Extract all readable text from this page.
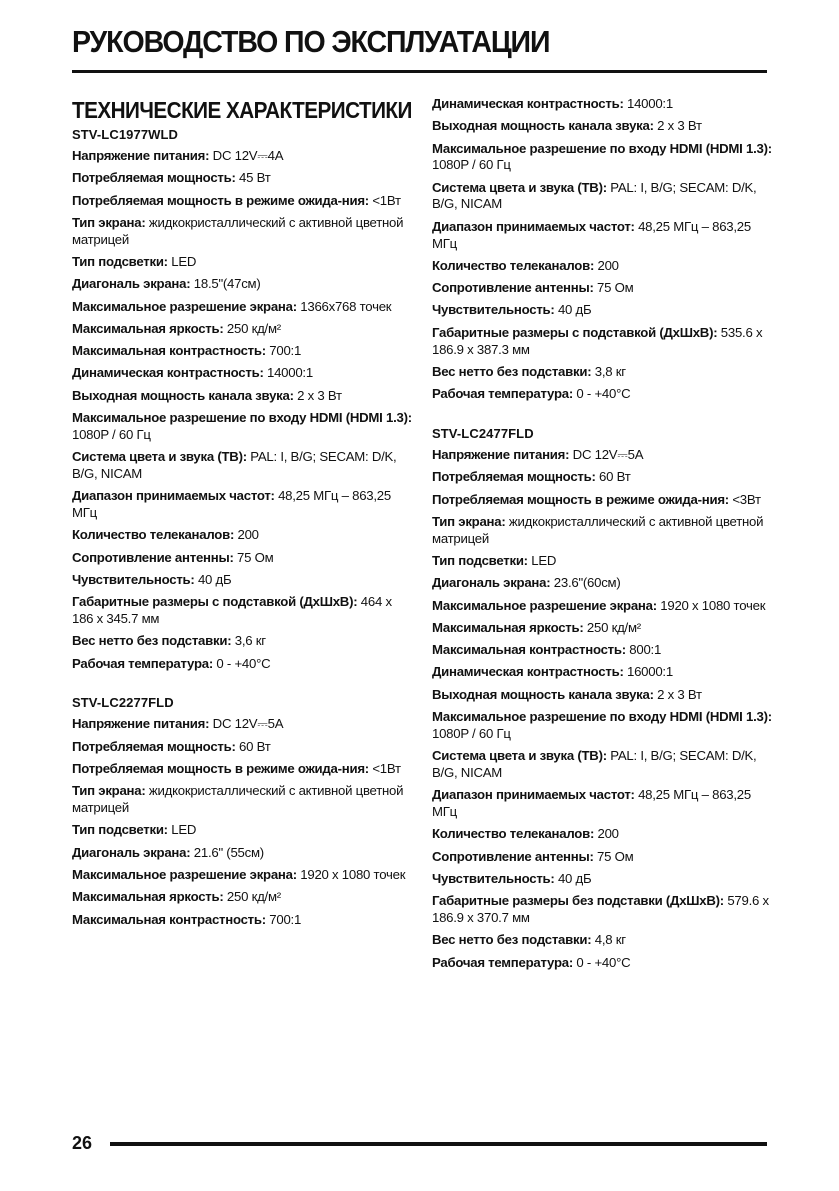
РУКОВОДСТВО ПО ЭКСПЛУАТАЦИИ
ТЕХНИЧЕСКИЕ ХАРАКТЕРИСТИКИ
STV-LC1977WLD
Напряжение питания: DC 12V⎓4A
Потребляемая мощность: 45 Вт
Потребляемая мощность в режиме ожида-ния: <1Вт
Тип экрана: жидкокристаллический с активной цветной матрицей
Тип подсветки: LED
Диагональ экрана: 18.5"(47см)
Максимальное разрешение экрана: 1366x768 точек
Максимальная яркость: 250 кд/м²
Максимальная контрастность: 700:1
Динамическая контрастность: 14000:1
Выходная мощность канала звука: 2 х 3 Вт
Максимальное разрешение по входу HDMI (HDMI 1.3): 1080P / 60 Гц
Система цвета и звука (ТВ): PAL: I, B/G; SECAM: D/K, B/G, NICAM
Диапазон принимаемых частот: 48,25 МГц – 863,25 МГц
Количество телеканалов: 200
Сопротивление антенны: 75 Ом
Чувствительность: 40 дБ
Габаритные размеры с подставкой (ДхШхВ): 464 x 186 x 345.7 мм
Вес нетто без подставки: 3,6 кг
Рабочая температура: 0 - +40°С
STV-LC2277FLD
Напряжение питания: DC 12V⎓5A
Потребляемая мощность: 60 Вт
Потребляемая мощность в режиме ожида-ния: <1Вт
Тип экрана: жидкокристаллический с активной цветной матрицей
Тип подсветки: LED
Диагональ экрана: 21.6" (55см)
Максимальное разрешение экрана: 1920 x 1080 точек
Максимальная яркость: 250 кд/м²
Максимальная контрастность: 700:1
Динамическая контрастность: 14000:1
Выходная мощность канала звука: 2 х 3 Вт
Максимальное разрешение по входу HDMI (HDMI 1.3): 1080P / 60 Гц
Система цвета и звука (ТВ): PAL: I, B/G; SECAM: D/K, B/G, NICAM
Диапазон принимаемых частот: 48,25 МГц – 863,25 МГц
Количество телеканалов: 200
Сопротивление антенны: 75 Ом
Чувствительность: 40 дБ
Габаритные размеры с подставкой (ДхШхВ): 535.6 x 186.9 x 387.3 мм
Вес нетто без подставки: 3,8 кг
Рабочая температура: 0 - +40°С
STV-LC2477FLD
Напряжение питания: DC 12V⎓5A
Потребляемая мощность: 60 Вт
Потребляемая мощность в режиме ожида-ния: <3Вт
Тип экрана: жидкокристаллический с активной цветной матрицей
Тип подсветки: LED
Диагональ экрана: 23.6"(60см)
Максимальное разрешение экрана: 1920 x 1080 точек
Максимальная яркость: 250 кд/м²
Максимальная контрастность: 800:1
Динамическая контрастность: 16000:1
Выходная мощность канала звука: 2 х 3 Вт
Максимальное разрешение по входу HDMI (HDMI 1.3): 1080P / 60 Гц
Система цвета и звука (ТВ): PAL: I, B/G; SECAM: D/K, B/G, NICAM
Диапазон принимаемых частот: 48,25 МГц – 863,25 МГц
Количество телеканалов: 200
Сопротивление антенны: 75 Ом
Чувствительность: 40 дБ
Габаритные размеры без подставки (ДхШхВ): 579.6 x 186.9 x 370.7 мм
Вес нетто без подставки: 4,8 кг
Рабочая температура: 0 - +40°С
26
